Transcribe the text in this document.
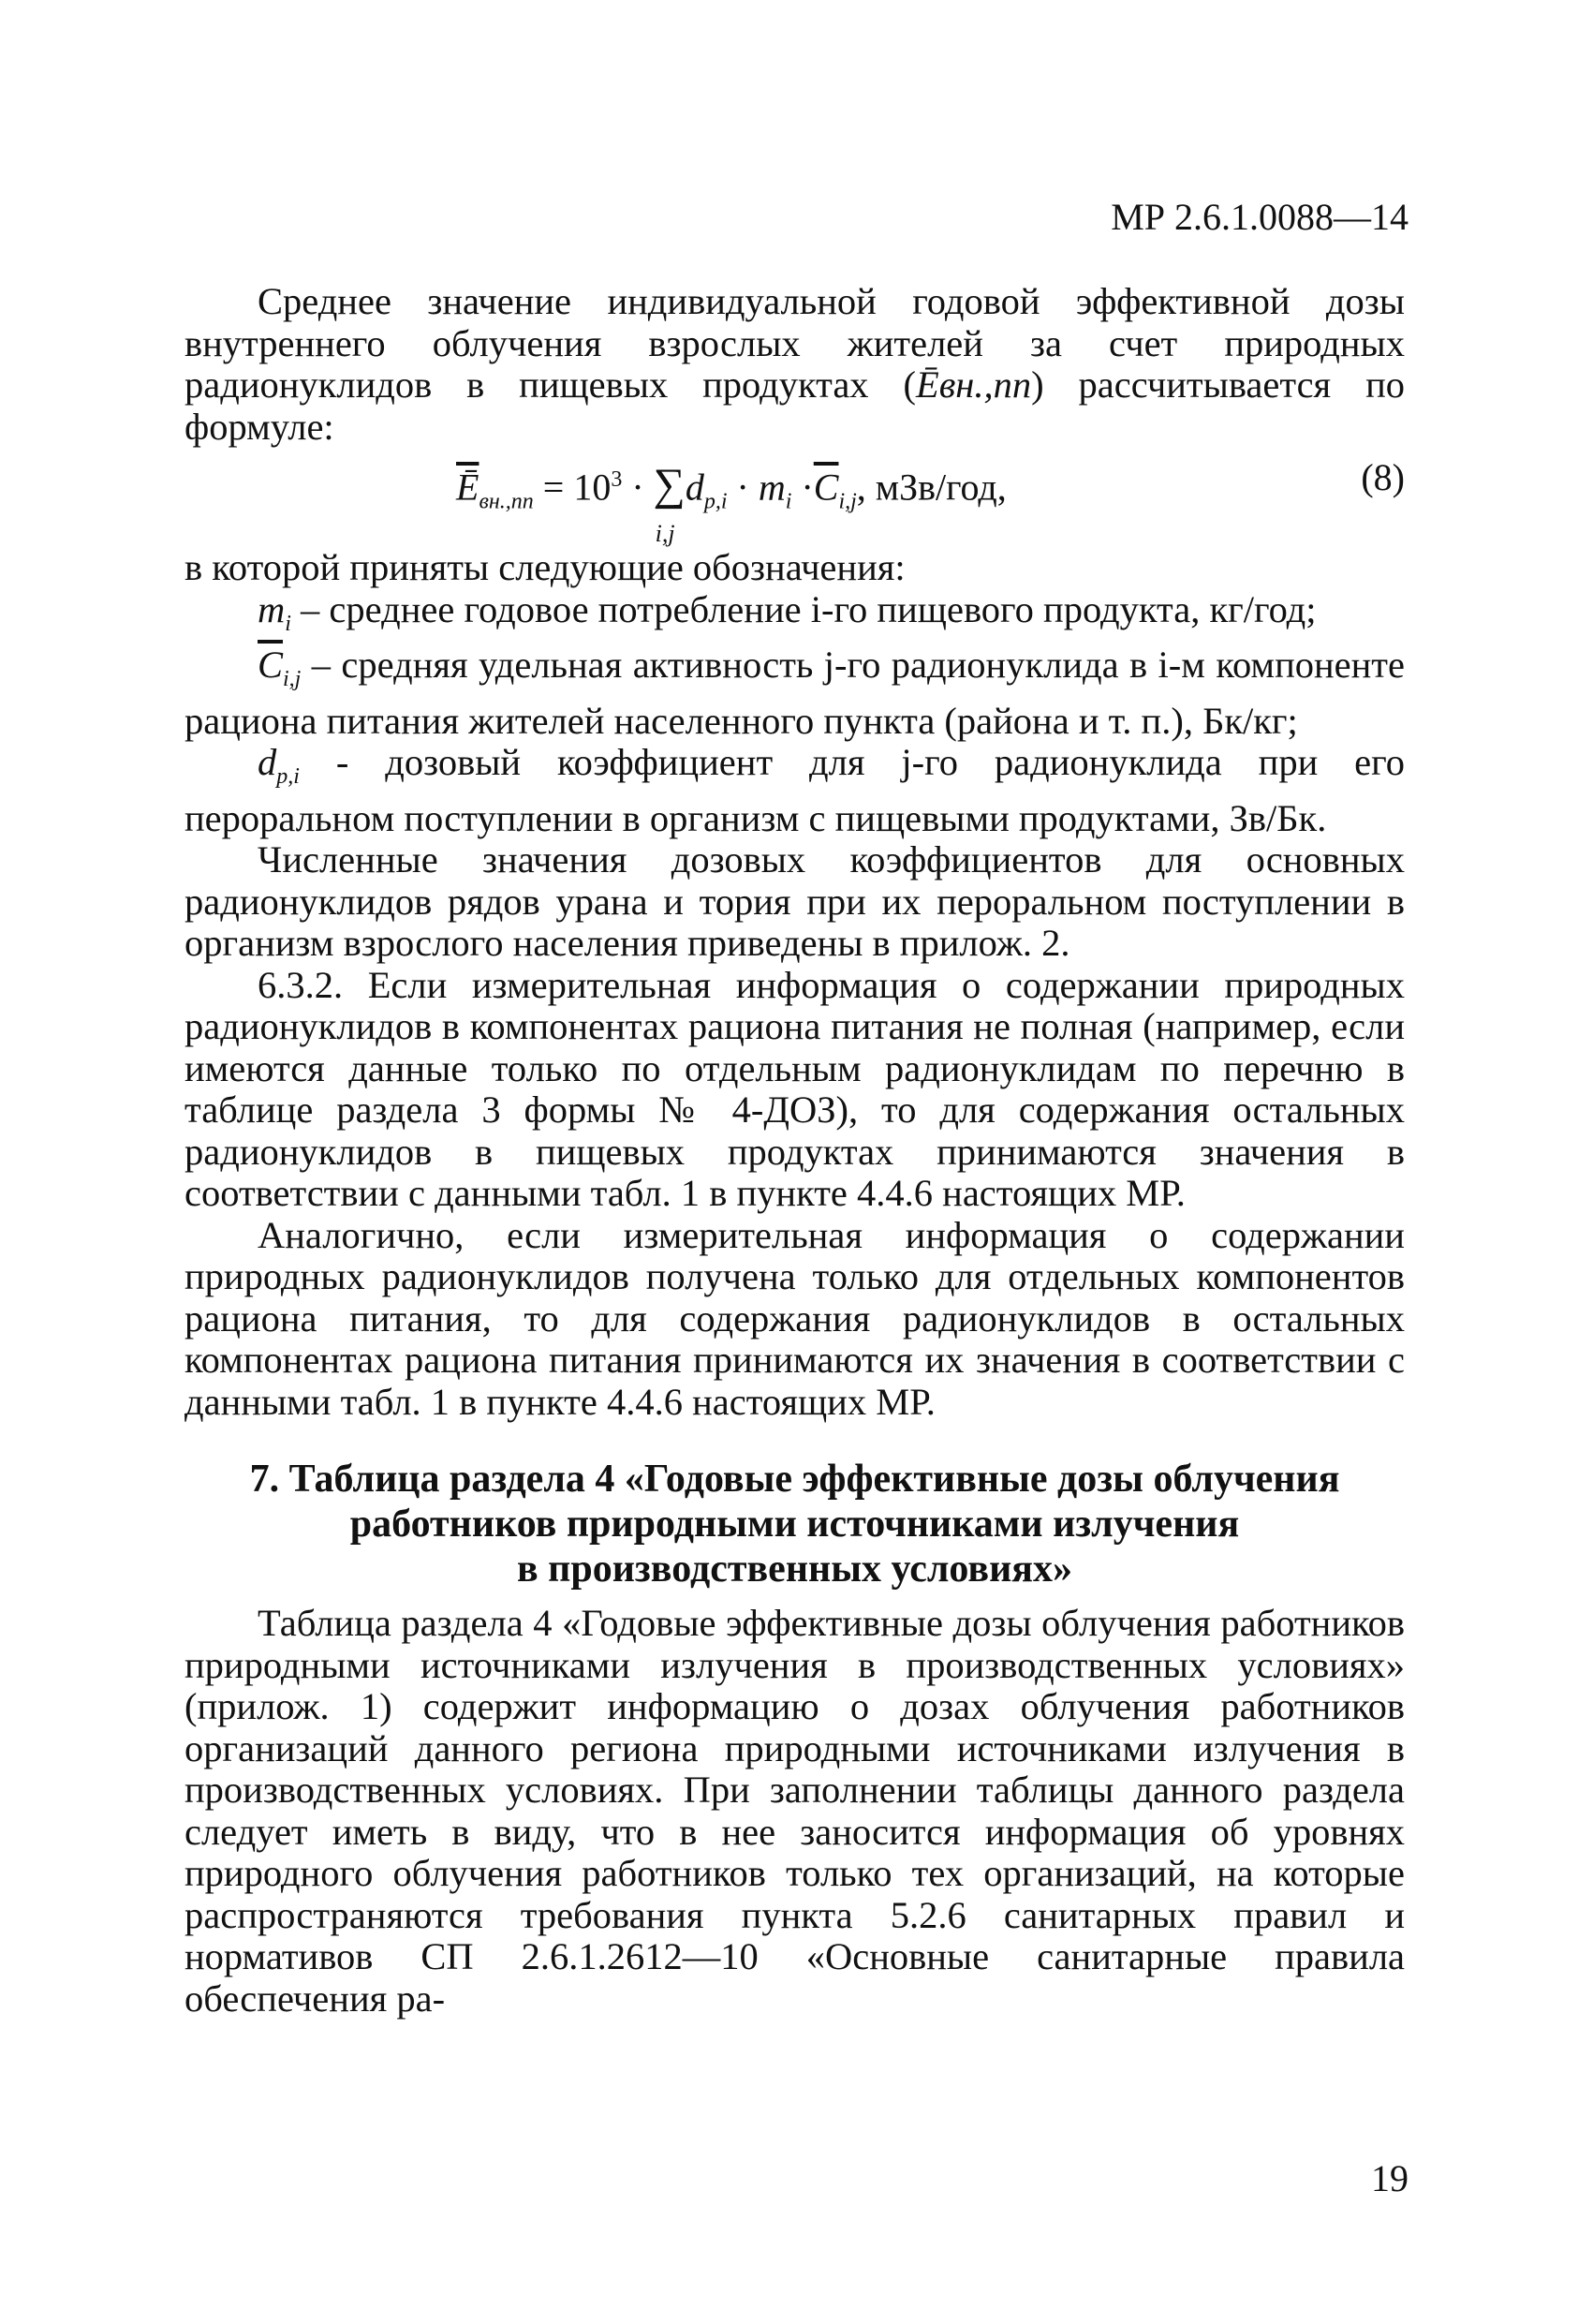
МР 2.6.1.0088—14

Среднее значение индивидуальной годовой эффективной дозы внутреннего облучения взрослых жителей за счет природных радионуклидов в пищевых продуктах (Ēвн.,пп) рассчитывается по формуле:

$\overline{Ē}_{вн.,пп} = 10^3$ · ∑
i,j
$d_{p,i} \cdot m_i \cdot\overline{C}_{i,j}$, мЗв/год,	(8)

в которой приняты следующие обозначения:

$m_i$ – среднее годовое потребление i-го пищевого продукта, кг/год;

$\overline{C}_{i,j}$ – средняя удельная активность j-го радионуклида в i-м компоненте рациона питания жителей населенного пункта (района и т. п.), Бк/кг;

$d_{p,i}$ - дозовый коэффициент для j-го радионуклида при его пероральном поступлении в организм с пищевыми продуктами, Зв/Бк.

Численные значения дозовых коэффициентов для основных радионуклидов рядов урана и тория при их пероральном поступлении в организм взрослого населения приведены в прилож. 2.

6.3.2. Если измерительная информация о содержании природных радионуклидов в компонентах рациона питания не полная (например, если имеются данные только по отдельным радионуклидам по перечню в таблице раздела 3 формы № 4-ДОЗ), то для содержания остальных радионуклидов в пищевых продуктах принимаются значения в соответствии с данными табл. 1 в пункте 4.4.6 настоящих МР.

Аналогично, если измерительная информация о содержании природных радионуклидов получена только для отдельных компонентов рациона питания, то для содержания радионуклидов в остальных компонентах рациона питания принимаются их значения в соответствии с данными табл. 1 в пункте 4.4.6 настоящих МР.

7. Таблица раздела 4 «Годовые эффективные дозы облучения
работников природными источниками излучения
в производственных условиях»

Таблица раздела 4 «Годовые эффективные дозы облучения работников природными источниками излучения в производственных условиях» (прилож. 1) содержит информацию о дозах облучения работников организаций данного региона природными источниками излучения в производственных условиях. При заполнении таблицы данного раздела следует иметь в виду, что в нее заносится информация об уровнях природного облучения работников только тех организаций, на которые распространяются требования пункта 5.2.6 санитарных правил и нормативов СП 2.6.1.2612—10 «Основные санитарные правила обеспечения ра-

19
